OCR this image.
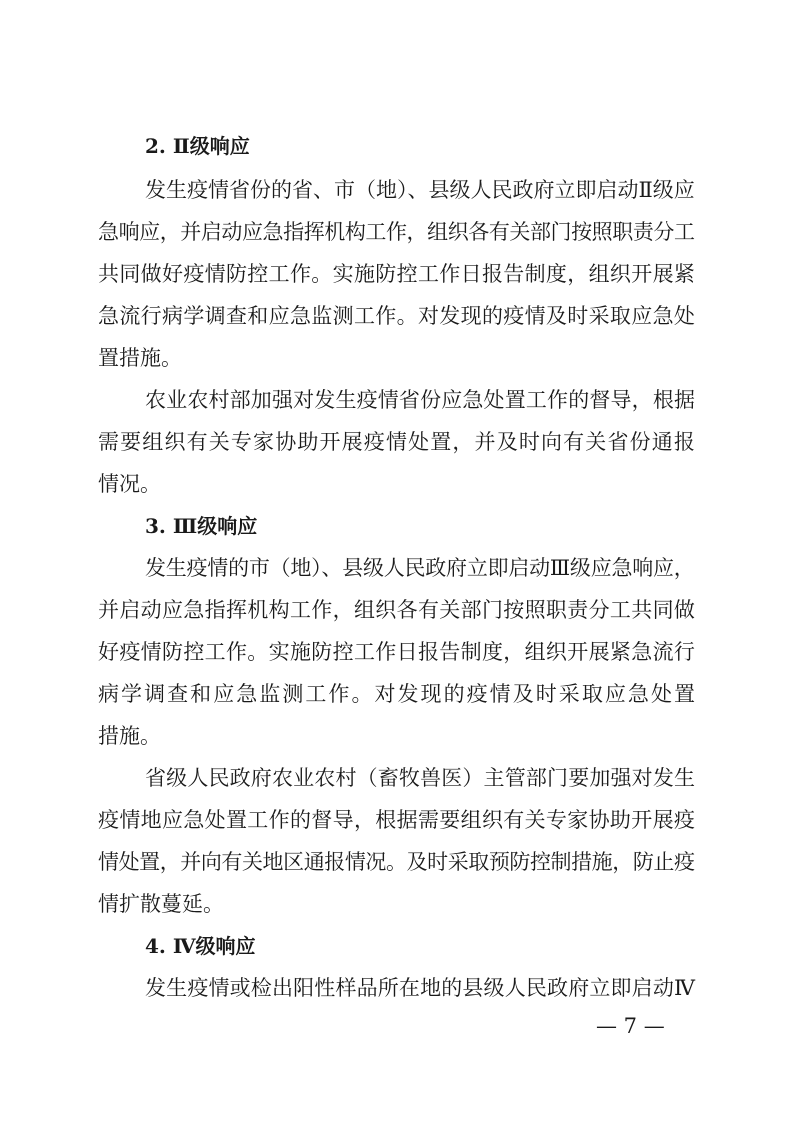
2. Ⅱ级响应
发生疫情省份的省、市（地）、县级人民政府立即启动Ⅱ级应
急响应，并启动应急指挥机构工作，组织各有关部门按照职责分工
共同做好疫情防控工作。实施防控工作日报告制度，组织开展紧
急流行病学调查和应急监测工作。对发现的疫情及时采取应急处
置措施。
农业农村部加强对发生疫情省份应急处置工作的督导，根据
需要组织有关专家协助开展疫情处置，并及时向有关省份通报
情况。
3. Ⅲ级响应
发生疫情的市（地）、县级人民政府立即启动Ⅲ级应急响应，
并启动应急指挥机构工作，组织各有关部门按照职责分工共同做
好疫情防控工作。实施防控工作日报告制度，组织开展紧急流行
病学调查和应急监测工作。对发现的疫情及时采取应急处置
措施。
省级人民政府农业农村（畜牧兽医）主管部门要加强对发生
疫情地应急处置工作的督导，根据需要组织有关专家协助开展疫
情处置，并向有关地区通报情况。及时采取预防控制措施，防止疫
情扩散蔓延。
4. Ⅳ级响应
发生疫情或检出阳性样品所在地的县级人民政府立即启动Ⅳ
— 7 —
